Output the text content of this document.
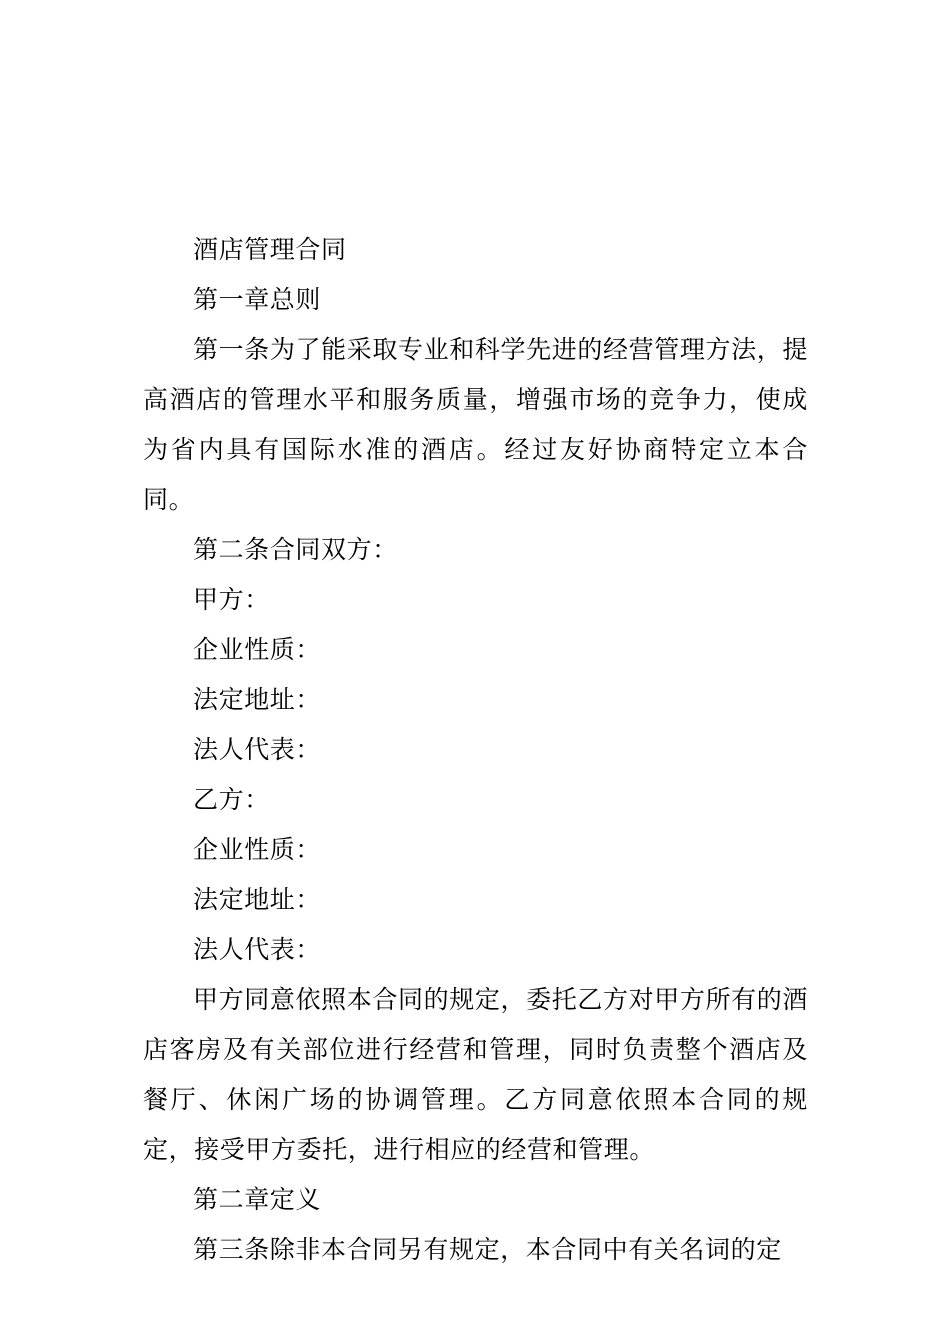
酒店管理合同

第一章总则

第一条为了能采取专业和科学先进的经营管理方法，提高酒店的管理水平和服务质量，增强市场的竞争力，使成为省内具有国际水准的酒店。经过友好协商特定立本合同。

第二条合同双方：

甲方：

企业性质：

法定地址：

法人代表：

乙方：

企业性质：

法定地址：

法人代表：

甲方同意依照本合同的规定，委托乙方对甲方所有的酒店客房及有关部位进行经营和管理，同时负责整个酒店及餐厅、休闲广场的协调管理。乙方同意依照本合同的规定，接受甲方委托，进行相应的经营和管理。

第二章定义

第三条除非本合同另有规定，本合同中有关名词的定
